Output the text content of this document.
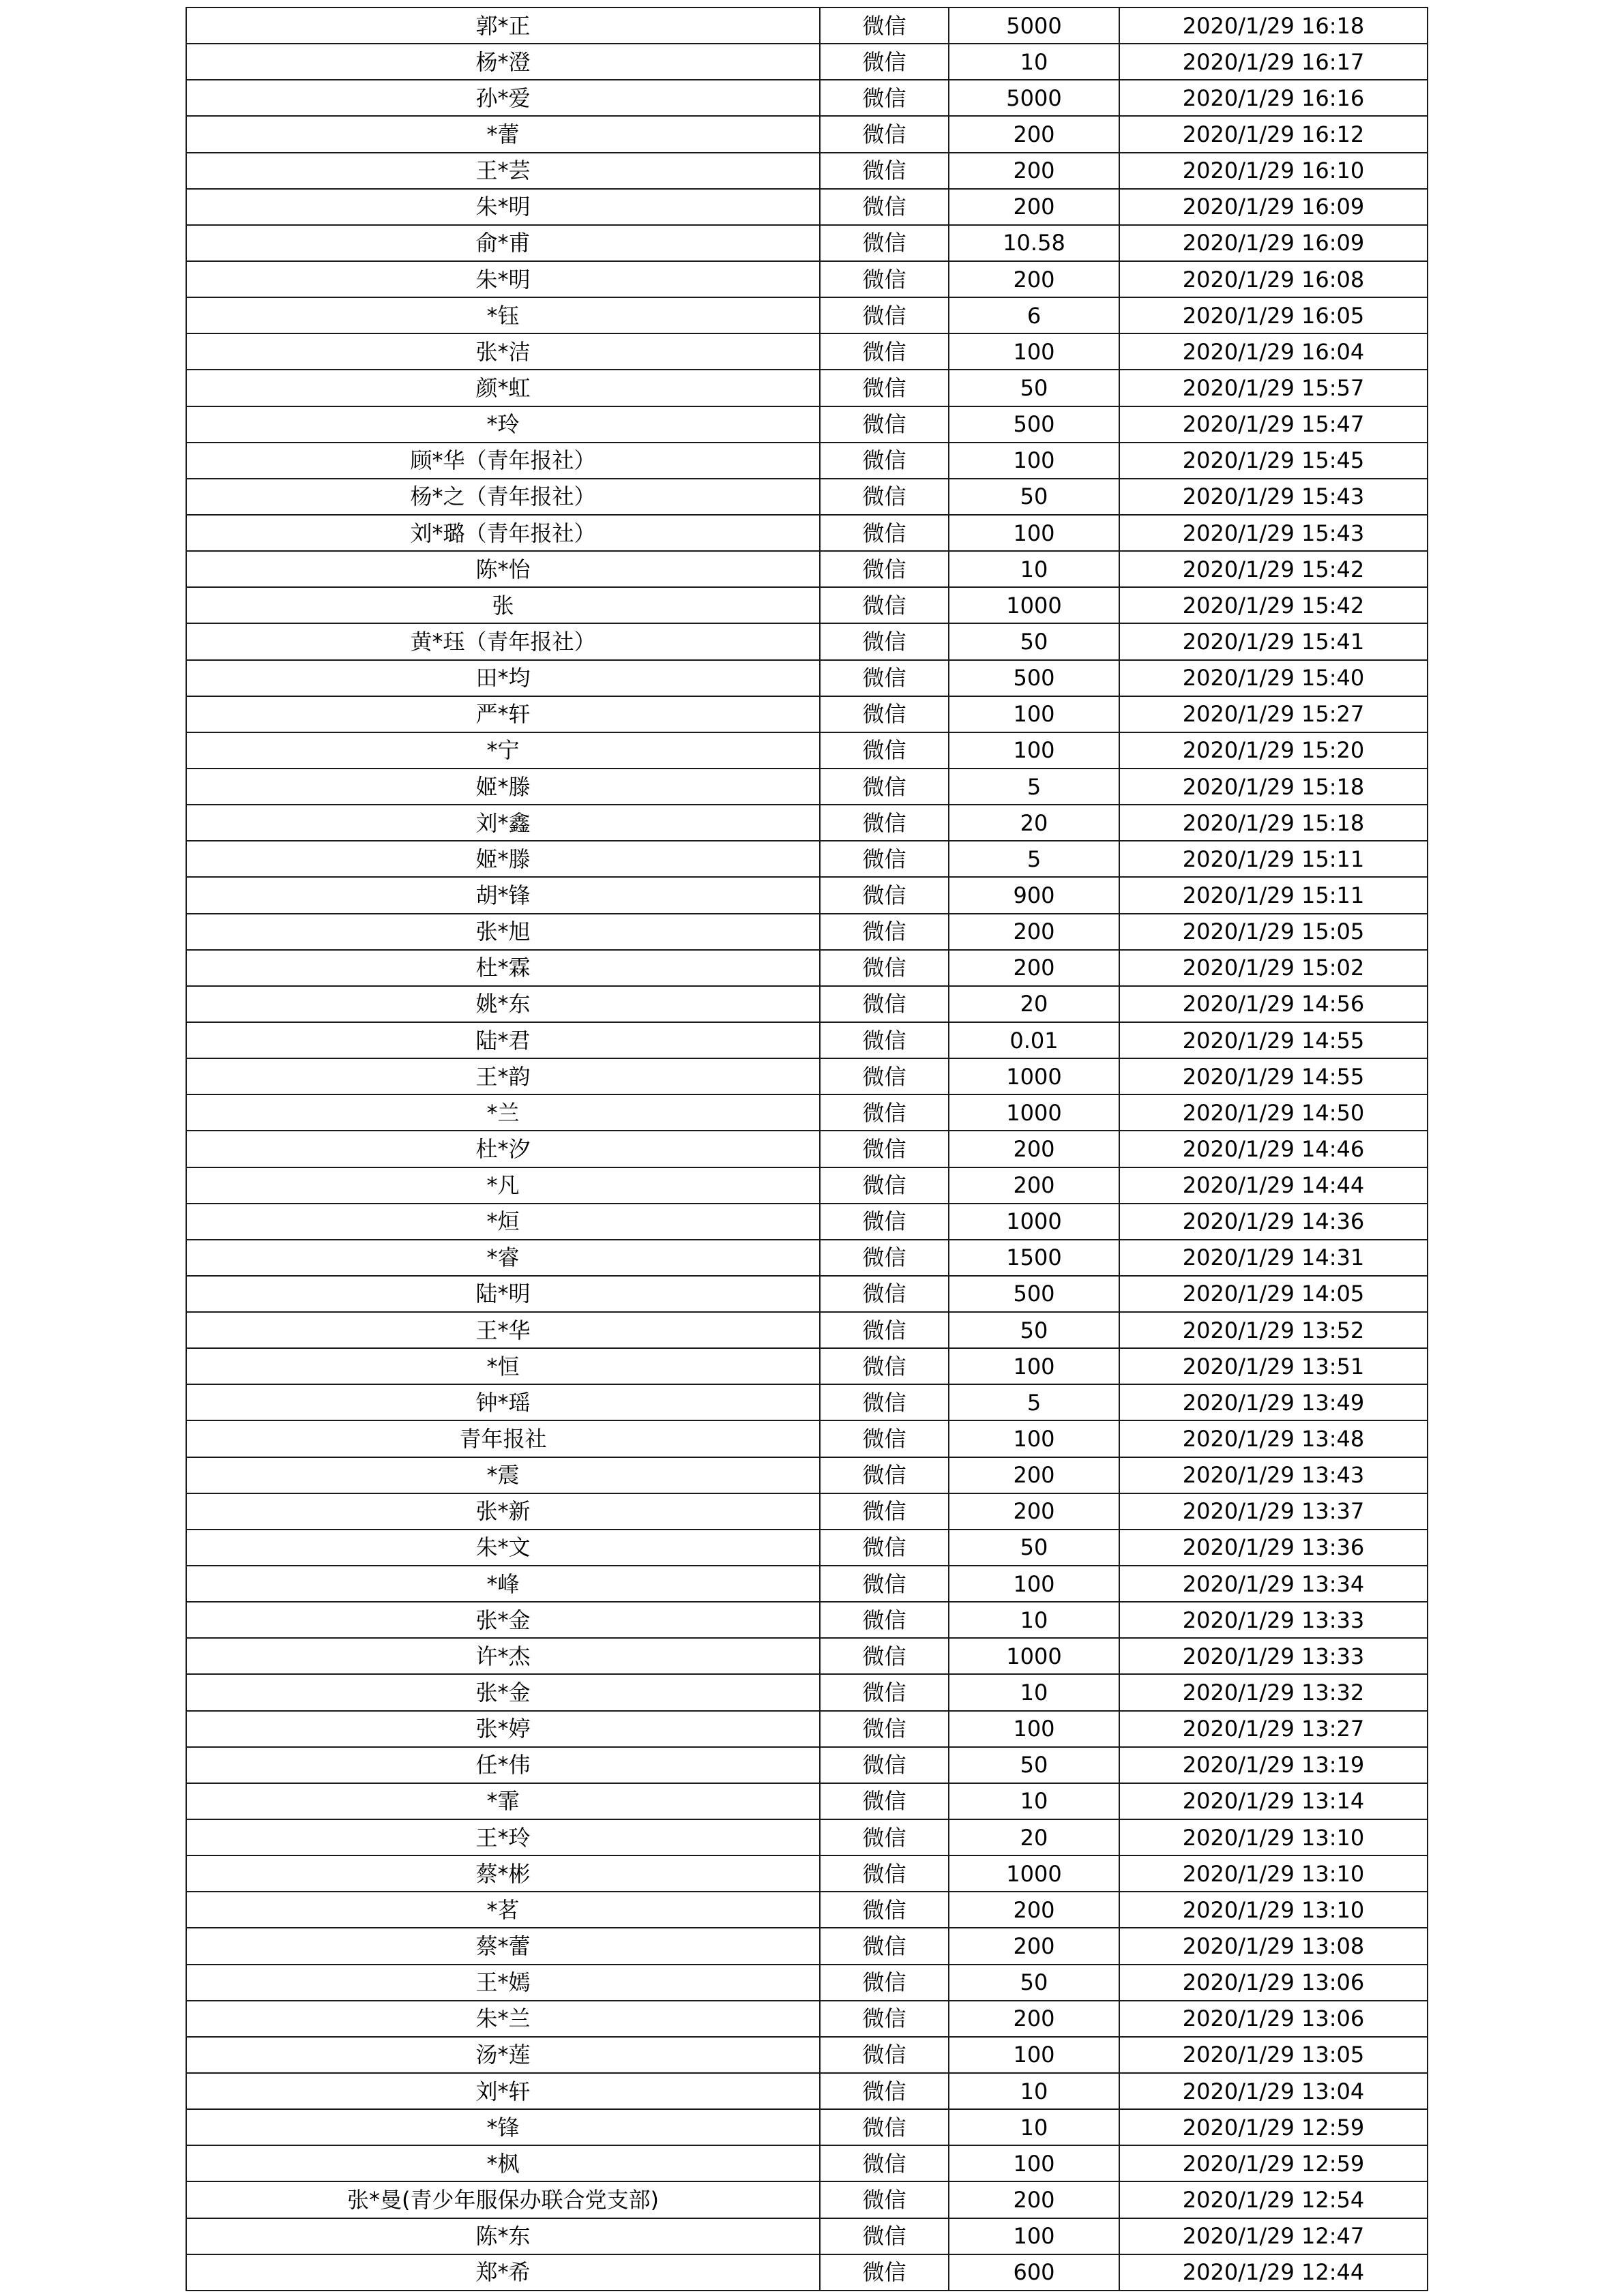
郭*正	微信	5000	2020/1/29 16:18
杨*澄	微信	10	2020/1/29 16:17
孙*爱	微信	5000	2020/1/29 16:16
*蕾	微信	200	2020/1/29 16:12
王*芸	微信	200	2020/1/29 16:10
朱*明	微信	200	2020/1/29 16:09
俞*甫	微信	10.58	2020/1/29 16:09
朱*明	微信	200	2020/1/29 16:08
*钰	微信	6	2020/1/29 16:05
张*洁	微信	100	2020/1/29 16:04
颜*虹	微信	50	2020/1/29 15:57
*玲	微信	500	2020/1/29 15:47
顾*华（青年报社）	微信	100	2020/1/29 15:45
杨*之（青年报社）	微信	50	2020/1/29 15:43
刘*璐（青年报社）	微信	100	2020/1/29 15:43
陈*怡	微信	10	2020/1/29 15:42
张	微信	1000	2020/1/29 15:42
黄*珏（青年报社）	微信	50	2020/1/29 15:41
田*均	微信	500	2020/1/29 15:40
严*轩	微信	100	2020/1/29 15:27
*宁	微信	100	2020/1/29 15:20
姬*滕	微信	5	2020/1/29 15:18
刘*鑫	微信	20	2020/1/29 15:18
姬*滕	微信	5	2020/1/29 15:11
胡*锋	微信	900	2020/1/29 15:11
张*旭	微信	200	2020/1/29 15:05
杜*霖	微信	200	2020/1/29 15:02
姚*东	微信	20	2020/1/29 14:56
陆*君	微信	0.01	2020/1/29 14:55
王*韵	微信	1000	2020/1/29 14:55
*兰	微信	1000	2020/1/29 14:50
杜*汐	微信	200	2020/1/29 14:46
*凡	微信	200	2020/1/29 14:44
*烜	微信	1000	2020/1/29 14:36
*睿	微信	1500	2020/1/29 14:31
陆*明	微信	500	2020/1/29 14:05
王*华	微信	50	2020/1/29 13:52
*恒	微信	100	2020/1/29 13:51
钟*瑶	微信	5	2020/1/29 13:49
青年报社	微信	100	2020/1/29 13:48
*震	微信	200	2020/1/29 13:43
张*新	微信	200	2020/1/29 13:37
朱*文	微信	50	2020/1/29 13:36
*峰	微信	100	2020/1/29 13:34
张*金	微信	10	2020/1/29 13:33
许*杰	微信	1000	2020/1/29 13:33
张*金	微信	10	2020/1/29 13:32
张*婷	微信	100	2020/1/29 13:27
任*伟	微信	50	2020/1/29 13:19
*霏	微信	10	2020/1/29 13:14
王*玲	微信	20	2020/1/29 13:10
蔡*彬	微信	1000	2020/1/29 13:10
*茗	微信	200	2020/1/29 13:10
蔡*蕾	微信	200	2020/1/29 13:08
王*嫣	微信	50	2020/1/29 13:06
朱*兰	微信	200	2020/1/29 13:06
汤*莲	微信	100	2020/1/29 13:05
刘*轩	微信	10	2020/1/29 13:04
*锋	微信	10	2020/1/29 12:59
*枫	微信	100	2020/1/29 12:59
张*曼(青少年服保办联合党支部)	微信	200	2020/1/29 12:54
陈*东	微信	100	2020/1/29 12:47
郑*希	微信	600	2020/1/29 12:44
